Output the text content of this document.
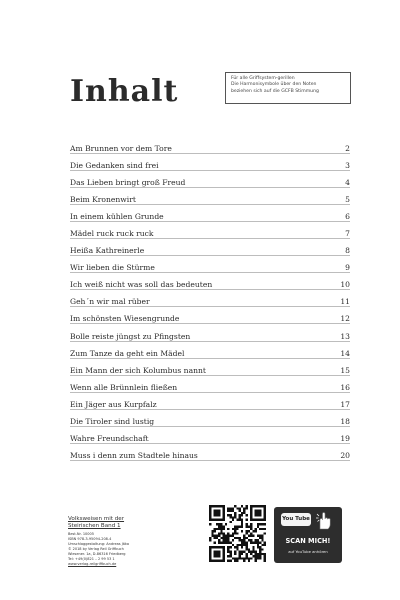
Inhalt	Für alle Griffsystem-gerillen
Die Harmonisymbole über den Noten
beziehen sich auf die GCFB Stimmung
Am Brunnen vor dem Tore	2
Die Gedanken sind frei	3
Das Lieben bringt groß Freud	4
Beim Kronenwirt	5
In einem kühlen Grunde	6
Mädel ruck ruck ruck	7
Heißa Kathreinerle	8
Wir lieben die Stürme	9
Ich weiß nicht was soll das bedeuten	10
Geh´n wir mal rüber	11
Im schönsten Wiesengrunde	12
Bolle reiste jüngst zu Pfingsten	13
Zum Tanze da geht ein Mädel	14
Ein Mann der sich Kolumbus nannt	15
Wenn alle Brünnlein fließen	16
Ein Jäger aus Kurpfalz	17
Die Tiroler sind lustig	18
Wahre Freundschaft	19
Muss i denn zum Stadtele hinaus	20
Volksweisen mit der
Steirischen Band 1
Best.Nr. 10005
ISBN 978-3-95094-208-4
Umschlaggestaltung: Andreas Jäka
© 2018 by Verlag Reil Griffbuch
Wiesener. 1a, D-86316 Friedberg
Tel: +49(0)821 – 2 99 53 1
www.verlag-reilgriffbuch.de
You Tube
SCAN MICH!
auf YouTube anhören
